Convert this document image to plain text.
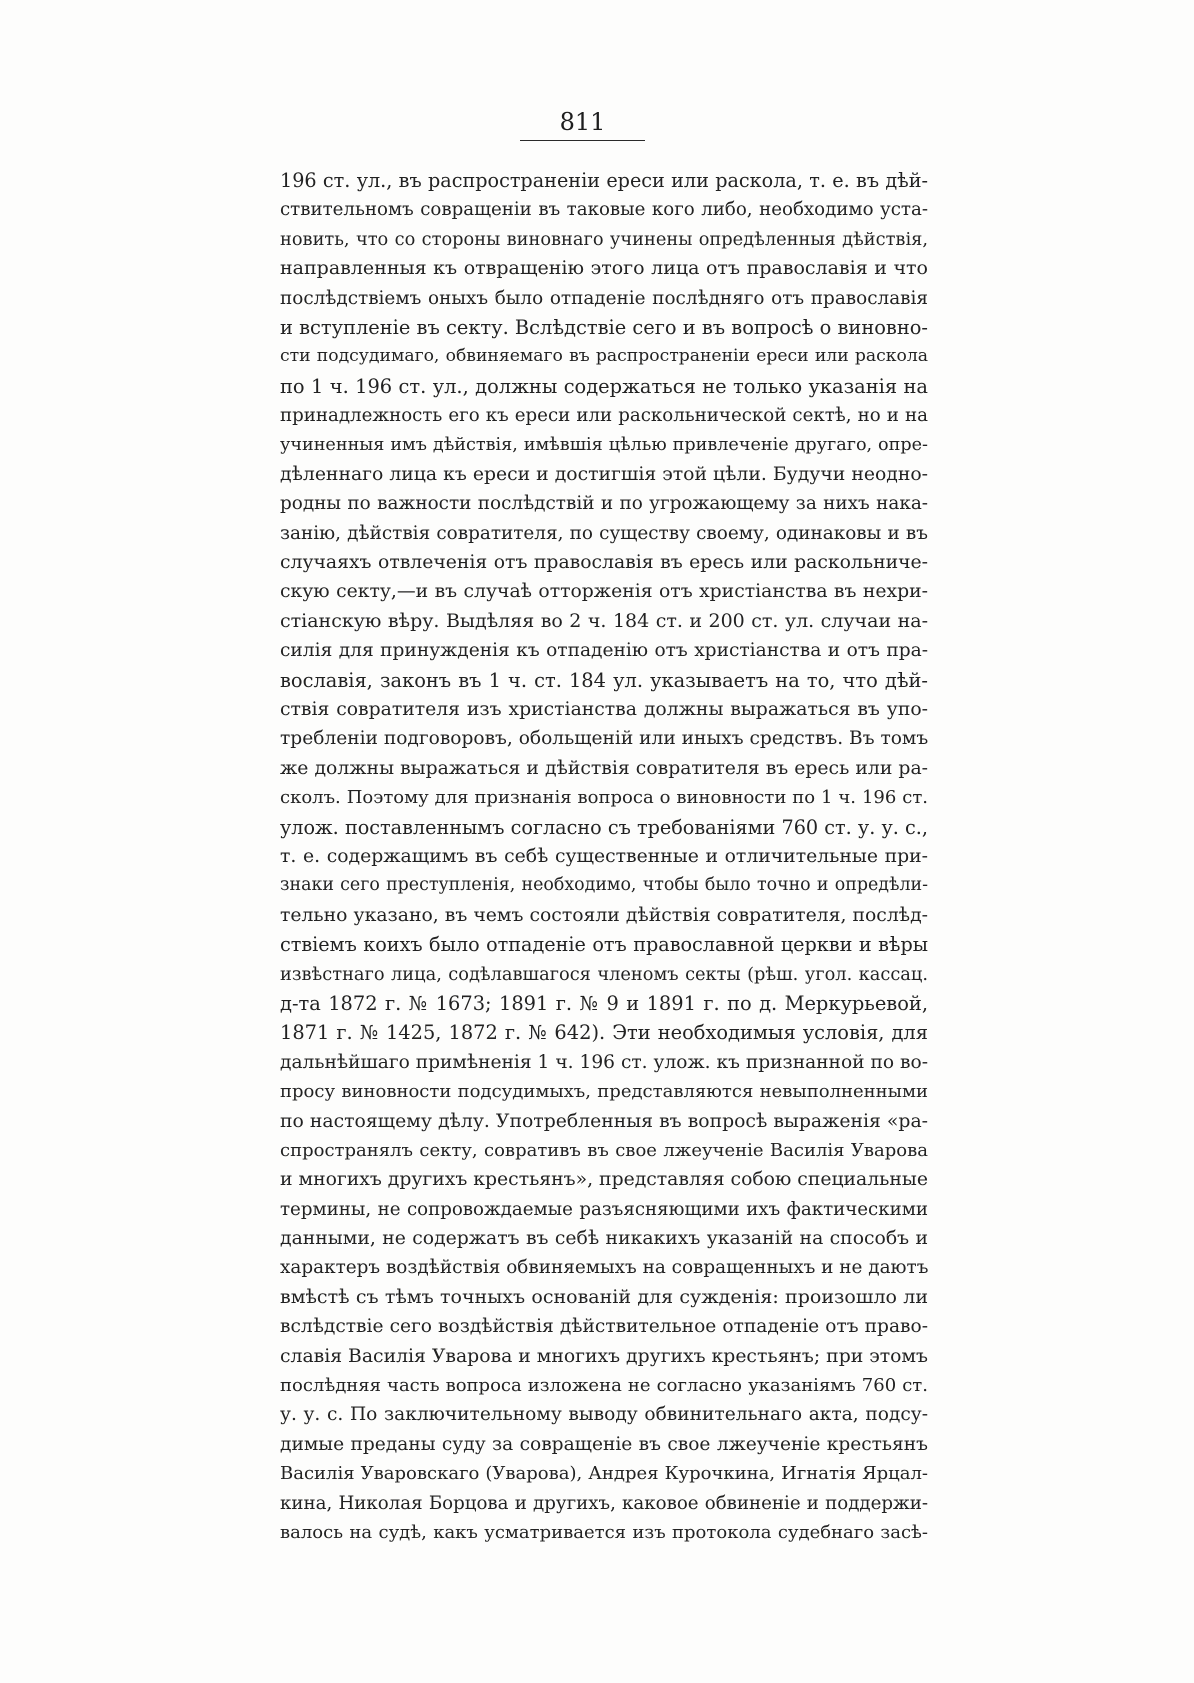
811
196 ст. ул., въ распространеніи ереси или раскола, т. е. въ дѣй-
ствительномъ совращеніи въ таковые кого либо, необходимо уста-
новить, что со стороны виновнаго учинены опредѣленныя дѣйствія,
направленныя къ отвращенію этого лица отъ православія и что
послѣдствіемъ оныхъ было отпаденіе послѣдняго отъ православія
и вступленіе въ секту. Вслѣдствіе сего и въ вопросѣ о виновно-
сти подсудимаго, обвиняемаго въ распространеніи ереси или раскола
по 1 ч. 196 ст. ул., должны содержаться не только указанія на
принадлежность его къ ереси или раскольнической сектѣ, но и на
учиненныя имъ дѣйствія, имѣвшія цѣлью привлеченіе другаго, опре-
дѣленнаго лица къ ереси и достигшія этой цѣли. Будучи неодно-
родны по важности послѣдствій и по угрожающему за нихъ нака-
занію, дѣйствія совратителя, по существу своему, одинаковы и въ
случаяхъ отвлеченія отъ православія въ ересь или раскольниче-
скую секту,—и въ случаѣ отторженія отъ христіанства въ нехри-
стіанскую вѣру. Выдѣляя во 2 ч. 184 ст. и 200 ст. ул. случаи на-
силія для принужденія къ отпаденію отъ христіанства и отъ пра-
вославія, законъ въ 1 ч. ст. 184 ул. указываетъ на то, что дѣй-
ствія совратителя изъ христіанства должны выражаться въ упо-
требленіи подговоровъ, обольщеній или иныхъ средствъ. Въ томъ
же должны выражаться и дѣйствія совратителя въ ересь или ра-
сколъ. Поэтому для признанія вопроса о виновности по 1 ч. 196 ст.
улож. поставленнымъ согласно съ требованіями 760 ст. у. у. с.,
т. е. содержащимъ въ себѣ существенные и отличительные при-
знаки сего преступленія, необходимо, чтобы было точно и опредѣли-
тельно указано, въ чемъ состояли дѣйствія совратителя, послѣд-
ствіемъ коихъ было отпаденіе отъ православной церкви и вѣры
извѣстнаго лица, содѣлавшагося членомъ секты (рѣш. угол. кассац.
д-та 1872 г. № 1673; 1891 г. № 9 и 1891 г. по д. Меркурьевой,
1871 г. № 1425, 1872 г. № 642). Эти необходимыя условія, для
дальнѣйшаго примѣненія 1 ч. 196 ст. улож. къ признанной по во-
просу виновности подсудимыхъ, представляются невыполненными
по настоящему дѣлу. Употребленныя въ вопросѣ выраженія «ра-
спространялъ секту, совративъ въ свое лжеученіе Василія Уварова
и многихъ другихъ крестьянъ», представляя собою специальные
термины, не сопровождаемые разъясняющими ихъ фактическими
данными, не содержатъ въ себѣ никакихъ указаній на способъ и
характеръ воздѣйствія обвиняемыхъ на совращенныхъ и не даютъ
вмѣстѣ съ тѣмъ точныхъ основаній для сужденія: произошло ли
вслѣдствіе сего воздѣйствія дѣйствительное отпаденіе отъ право-
славія Василія Уварова и многихъ другихъ крестьянъ; при этомъ
послѣдняя часть вопроса изложена не согласно указаніямъ 760 ст.
у. у. с. По заключительному выводу обвинительнаго акта, подсу-
димые преданы суду за совращеніе въ свое лжеученіе крестьянъ
Василія Уваровскаго (Уварова), Андрея Курочкина, Игнатія Ярцал-
кина, Николая Борцова и другихъ, каковое обвиненіе и поддержи-
валось на судѣ, какъ усматривается изъ протокола судебнаго засѣ-
